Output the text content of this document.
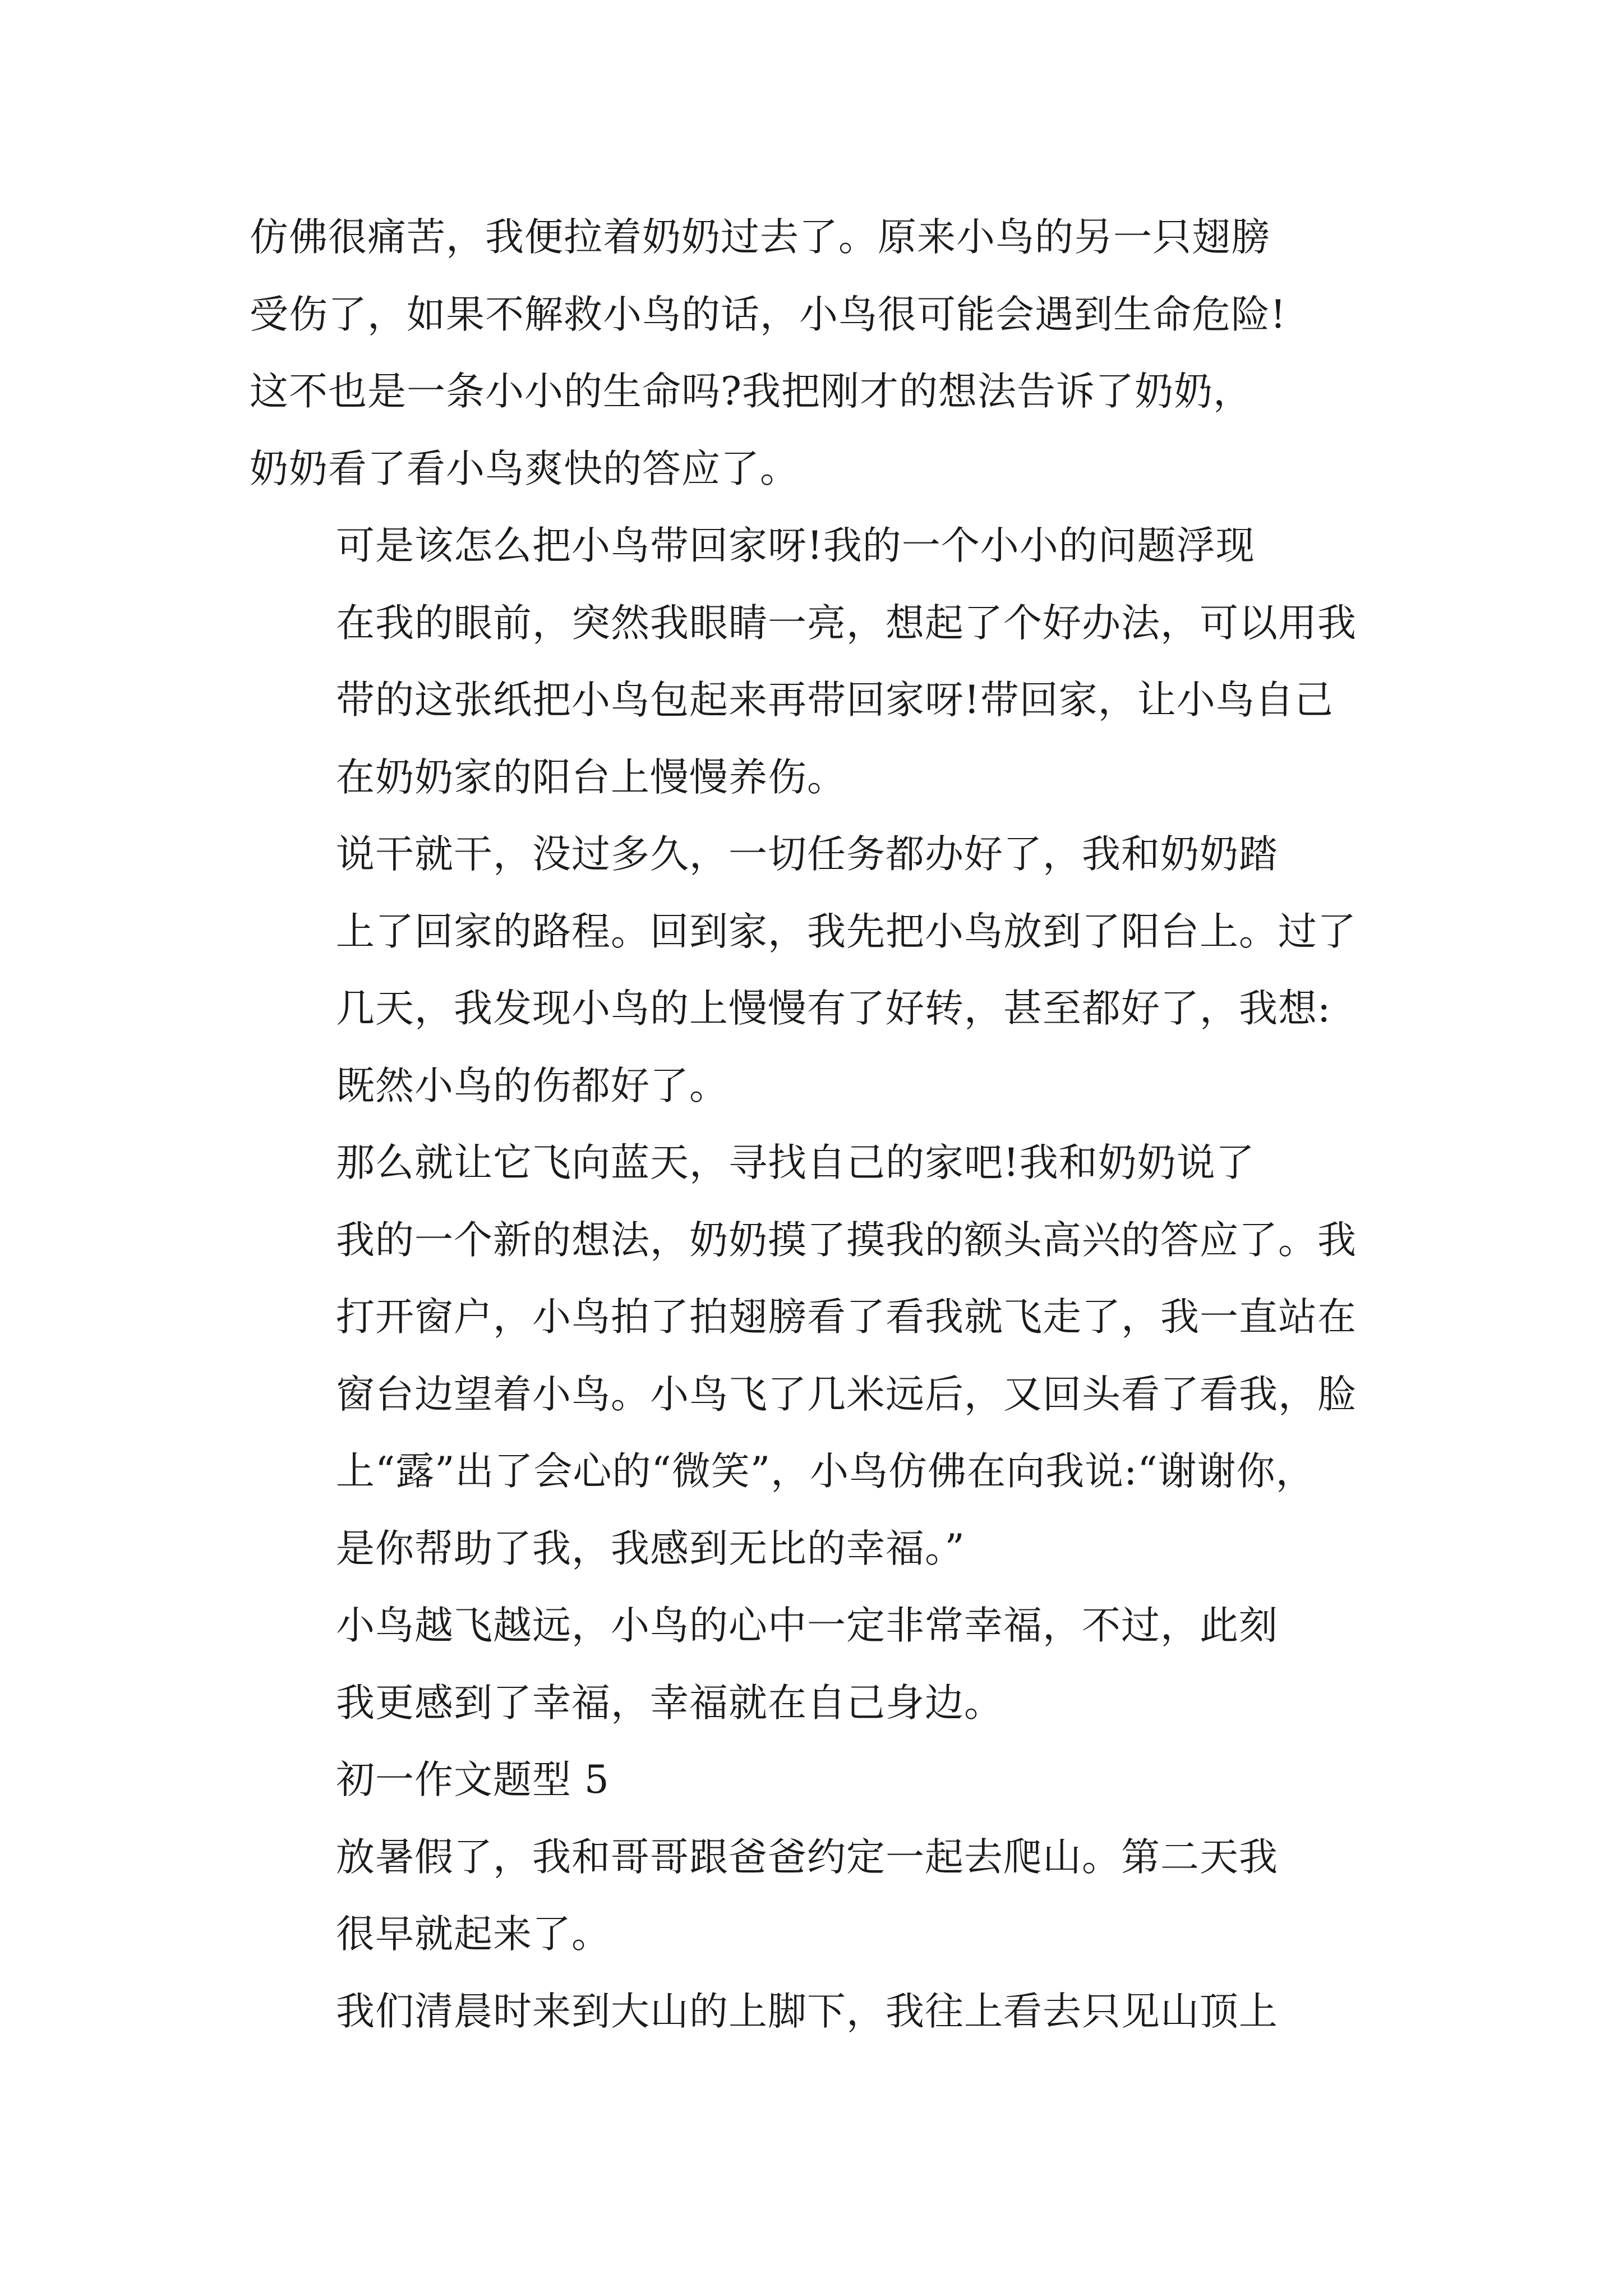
仿佛很痛苦，我便拉着奶奶过去了。原来小鸟的另一只翅膀
受伤了，如果不解救小鸟的话，小鸟很可能会遇到生命危险!
这不也是一条小小的生命吗?我把刚才的想法告诉了奶奶，
奶奶看了看小鸟爽快的答应了。

可是该怎么把小鸟带回家呀!我的一个小小的问题浮现
在我的眼前，突然我眼睛一亮，想起了个好办法，可以用我
带的这张纸把小鸟包起来再带回家呀!带回家，让小鸟自己
在奶奶家的阳台上慢慢养伤。

说干就干，没过多久，一切任务都办好了，我和奶奶踏
上了回家的路程。回到家，我先把小鸟放到了阳台上。过了
几天，我发现小鸟的上慢慢有了好转，甚至都好了，我想:
既然小鸟的伤都好了。

那么就让它飞向蓝天，寻找自己的家吧!我和奶奶说了
我的一个新的想法，奶奶摸了摸我的额头高兴的答应了。我
打开窗户，小鸟拍了拍翅膀看了看我就飞走了，我一直站在
窗台边望着小鸟。小鸟飞了几米远后，又回头看了看我，脸
上“露”出了会心的“微笑”，小鸟仿佛在向我说:“谢谢你，
是你帮助了我，我感到无比的幸福。”

小鸟越飞越远，小鸟的心中一定非常幸福，不过，此刻
我更感到了幸福，幸福就在自己身边。

初一作文题型 5

放暑假了，我和哥哥跟爸爸约定一起去爬山。第二天我
很早就起来了。

我们清晨时来到大山的上脚下，我往上看去只见山顶上
